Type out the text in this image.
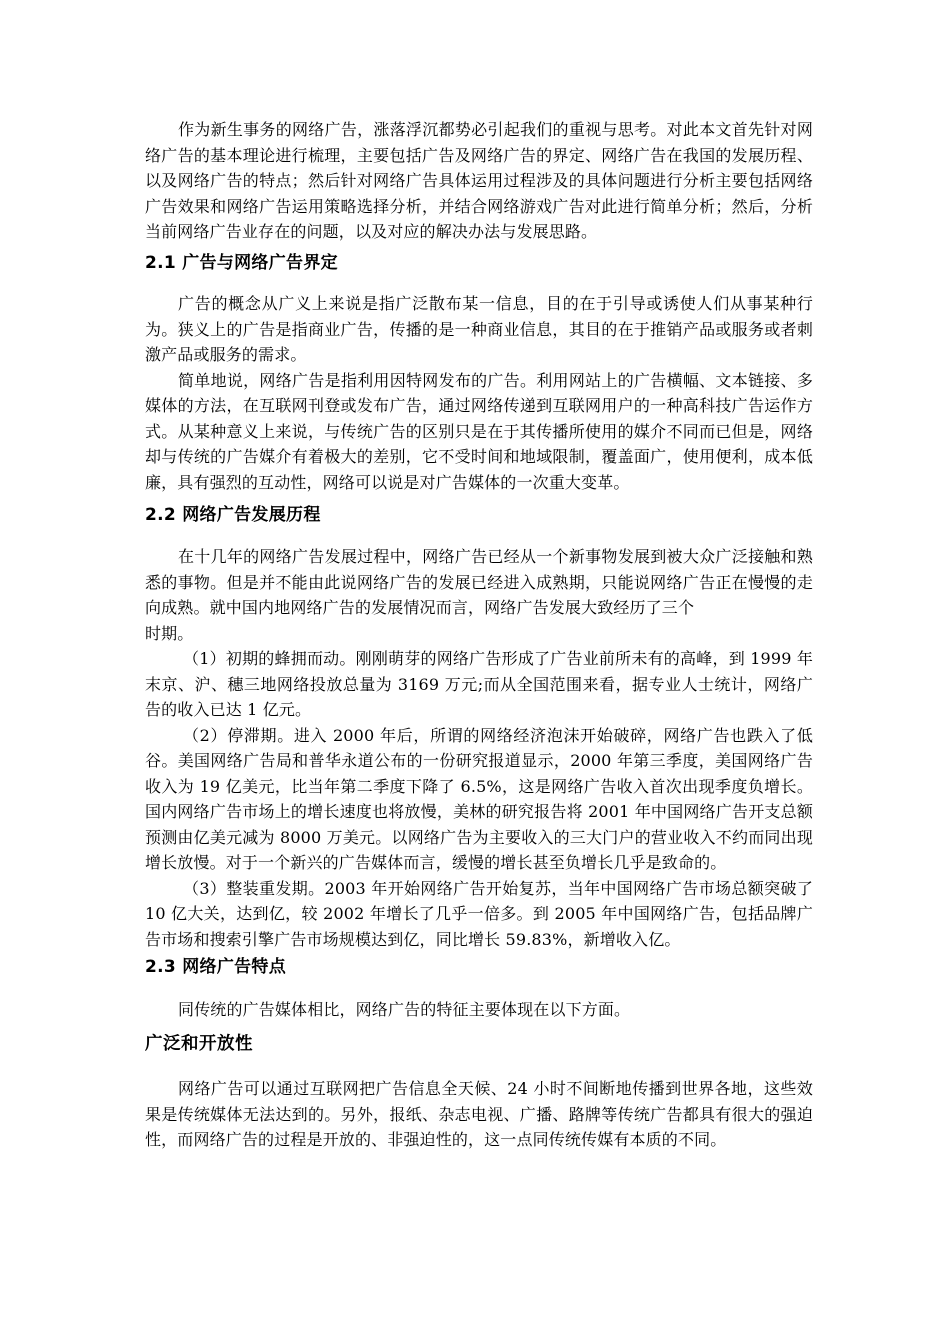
作为新生事务的网络广告，涨落浮沉都势必引起我们的重视与思考。对此本文首先针对网络广告的基本理论进行梳理，主要包括广告及网络广告的界定、网络广告在我国的发展历程、以及网络广告的特点；然后针对网络广告具体运用过程涉及的具体问题进行分析主要包括网络广告效果和网络广告运用策略选择分析，并结合网络游戏广告对此进行简单分析；然后，分析当前网络广告业存在的问题，以及对应的解决办法与发展思路。

2.1 广告与网络广告界定

广告的概念从广义上来说是指广泛散布某一信息，目的在于引导或诱使人们从事某种行为。狭义上的广告是指商业广告，传播的是一种商业信息，其目的在于推销产品或服务或者刺激产品或服务的需求。

简单地说，网络广告是指利用因特网发布的广告。利用网站上的广告横幅、文本链接、多媒体的方法，在互联网刊登或发布广告，通过网络传递到互联网用户的一种高科技广告运作方式。从某种意义上来说，与传统广告的区别只是在于其传播所使用的媒介不同而已但是，网络却与传统的广告媒介有着极大的差别，它不受时间和地域限制，覆盖面广，使用便利，成本低廉，具有强烈的互动性，网络可以说是对广告媒体的一次重大变革。

2.2 网络广告发展历程

在十几年的网络广告发展过程中，网络广告已经从一个新事物发展到被大众广泛接触和熟悉的事物。但是并不能由此说网络广告的发展已经进入成熟期，只能说网络广告正在慢慢的走向成熟。就中国内地网络广告的发展情况而言，网络广告发展大致经历了三个

时期。

（1）初期的蜂拥而动。刚刚萌芽的网络广告形成了广告业前所未有的高峰，到 1999 年末京、沪、穗三地网络投放总量为 3169 万元;而从全国范围来看，据专业人士统计，网络广告的收入已达 1 亿元。

（2）停滞期。进入 2000 年后，所谓的网络经济泡沫开始破碎，网络广告也跌入了低谷。美国网络广告局和普华永道公布的一份研究报道显示，2000 年第三季度，美国网络广告收入为 19 亿美元，比当年第二季度下降了 6.5%，这是网络广告收入首次出现季度负增长。国内网络广告市场上的增长速度也将放慢，美林的研究报告将 2001 年中国网络广告开支总额预测由亿美元减为 8000 万美元。以网络广告为主要收入的三大门户的营业收入不约而同出现增长放慢。对于一个新兴的广告媒体而言，缓慢的增长甚至负增长几乎是致命的。

（3）整装重发期。2003 年开始网络广告开始复苏，当年中国网络广告市场总额突破了 10 亿大关，达到亿，较 2002 年增长了几乎一倍多。到 2005 年中国网络广告，包括品牌广告市场和搜索引擎广告市场规模达到亿，同比增长 59.83%，新增收入亿。

2.3 网络广告特点

同传统的广告媒体相比，网络广告的特征主要体现在以下方面。

广泛和开放性

网络广告可以通过互联网把广告信息全天候、24 小时不间断地传播到世界各地，这些效果是传统媒体无法达到的。另外，报纸、杂志电视、广播、路牌等传统广告都具有很大的强迫性，而网络广告的过程是开放的、非强迫性的，这一点同传统传媒有本质的不同。
